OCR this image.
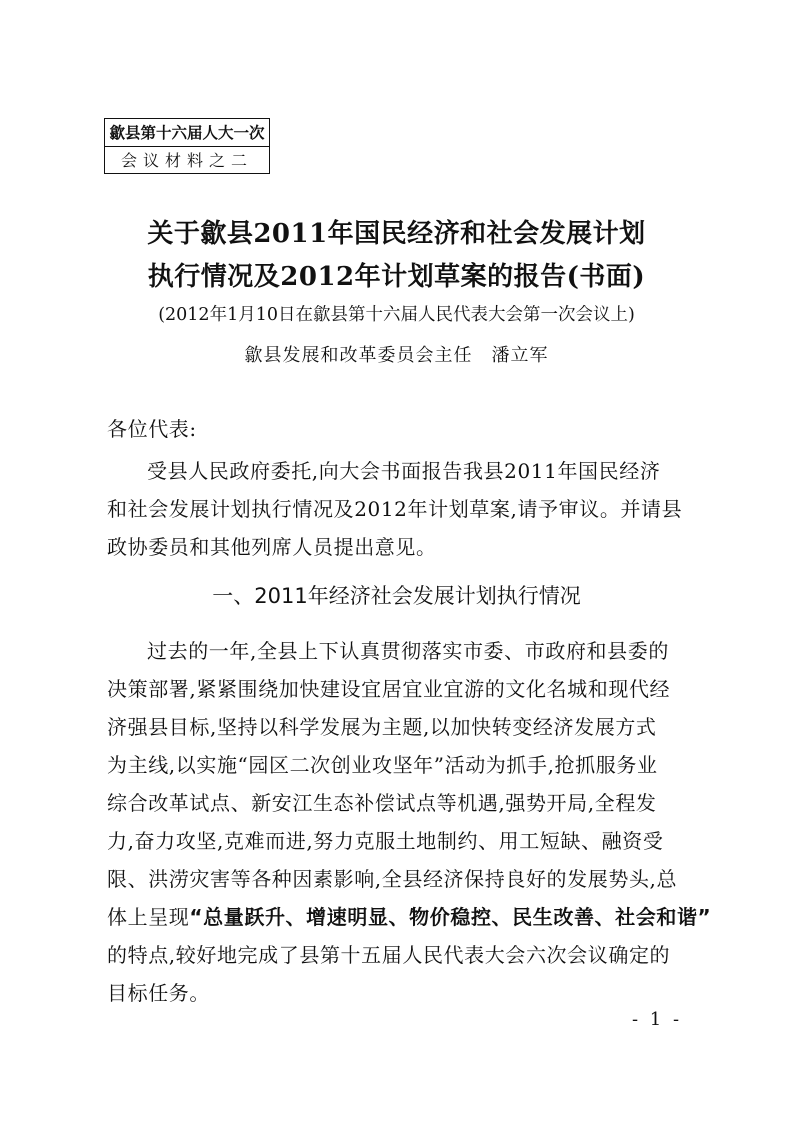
歙县第十六届人大一次
会议材料之二
关于歙县2011年国民经济和社会发展计划
执行情况及2012年计划草案的报告(书面)
(2012年1月10日在歙县第十六届人民代表大会第一次会议上)
歙县发展和改革委员会主任　潘立军
各位代表:
受县人民政府委托,向大会书面报告我县2011年国民经济
和社会发展计划执行情况及2012年计划草案,请予审议。并请县
政协委员和其他列席人员提出意见。
一、2011年经济社会发展计划执行情况
过去的一年,全县上下认真贯彻落实市委、市政府和县委的
决策部署,紧紧围绕加快建设宜居宜业宜游的文化名城和现代经
济强县目标,坚持以科学发展为主题,以加快转变经济发展方式
为主线,以实施“园区二次创业攻坚年”活动为抓手,抢抓服务业
综合改革试点、新安江生态补偿试点等机遇,强势开局,全程发
力,奋力攻坚,克难而进,努力克服土地制约、用工短缺、融资受
限、洪涝灾害等各种因素影响,全县经济保持良好的发展势头,总
体上呈现“总量跃升、增速明显、物价稳控、民生改善、社会和谐”
的特点,较好地完成了县第十五届人民代表大会六次会议确定的
目标任务。
- 1 -
